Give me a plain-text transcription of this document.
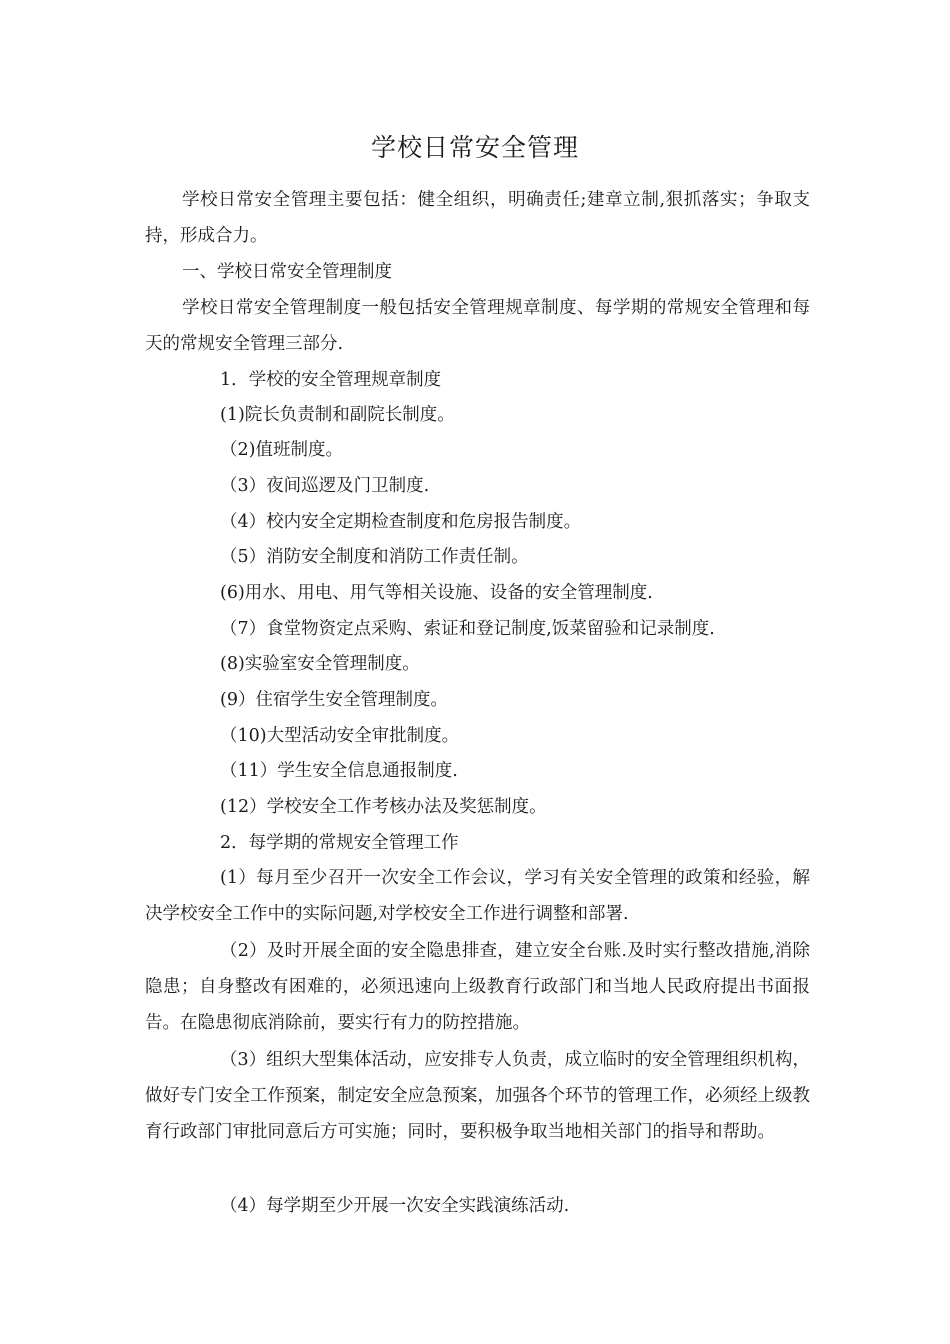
学校日常安全管理

学校日常安全管理主要包括：健全组织，明确责任;建章立制,狠抓落实；争取支持，形成合力。

一、学校日常安全管理制度

学校日常安全管理制度一般包括安全管理规章制度、每学期的常规安全管理和每天的常规安全管理三部分.

1．学校的安全管理规章制度

(1)院长负责制和副院长制度。

（2)值班制度。

（3）夜间巡逻及门卫制度.

（4）校内安全定期检查制度和危房报告制度。

（5）消防安全制度和消防工作责任制。

(6)用水、用电、用气等相关设施、设备的安全管理制度.

（7）食堂物资定点采购、索证和登记制度,饭菜留验和记录制度.

(8)实验室安全管理制度。

(9）住宿学生安全管理制度。

（10)大型活动安全审批制度。

（11）学生安全信息通报制度.

(12）学校安全工作考核办法及奖惩制度。

2．每学期的常规安全管理工作

(1）每月至少召开一次安全工作会议，学习有关安全管理的政策和经验，解决学校安全工作中的实际问题,对学校安全工作进行调整和部署.

（2）及时开展全面的安全隐患排查，建立安全台账.及时实行整改措施,消除隐患；自身整改有困难的，必须迅速向上级教育行政部门和当地人民政府提出书面报告。在隐患彻底消除前，要实行有力的防控措施。

（3）组织大型集体活动，应安排专人负责，成立临时的安全管理组织机构，做好专门安全工作预案，制定安全应急预案，加强各个环节的管理工作，必须经上级教育行政部门审批同意后方可实施；同时，要积极争取当地相关部门的指导和帮助。

（4）每学期至少开展一次安全实践演练活动.
